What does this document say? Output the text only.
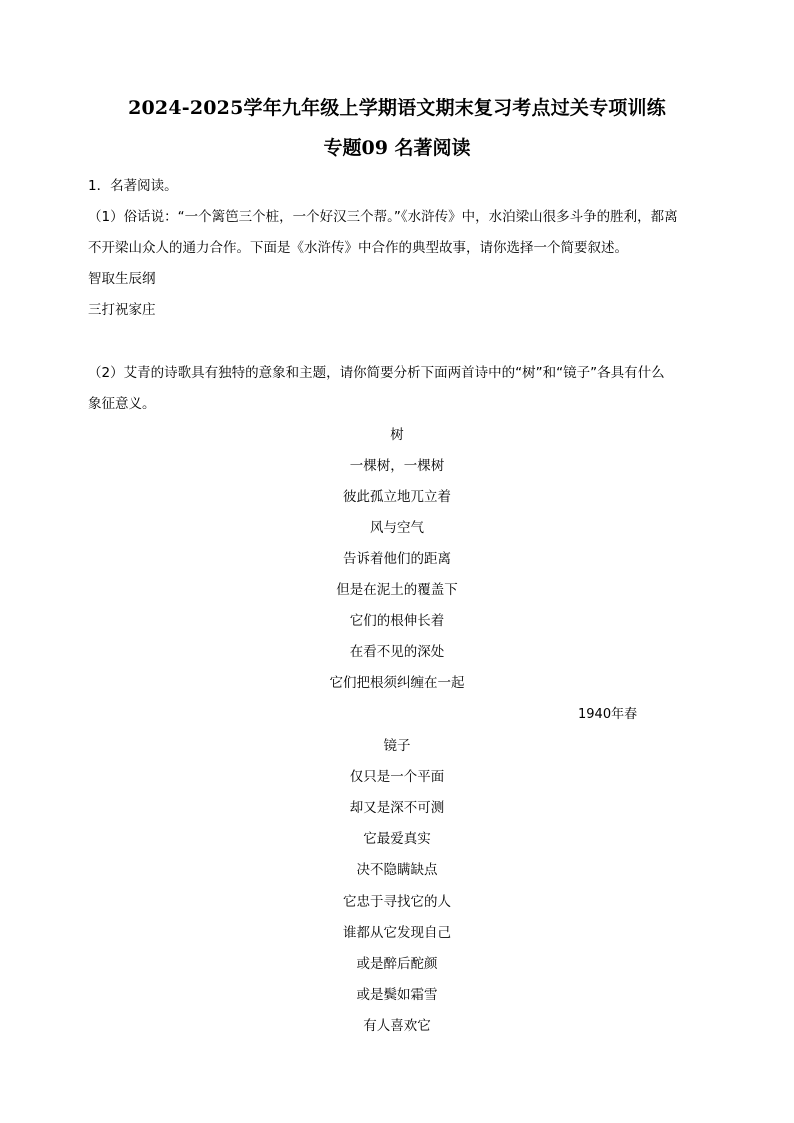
2024-2025学年九年级上学期语文期末复习考点过关专项训练
专题09 名著阅读
1．名著阅读。
（1）俗话说：“一个篱笆三个桩，一个好汉三个帮。”《水浒传》中，水泊梁山很多斗争的胜利，都离
不开梁山众人的通力合作。下面是《水浒传》中合作的典型故事，请你选择一个简要叙述。
智取生辰纲
三打祝家庄
（2）艾青的诗歌具有独特的意象和主题，请你简要分析下面两首诗中的“树”和“镜子”各具有什么
象征意义。
树
一棵树，一棵树
彼此孤立地兀立着
风与空气
告诉着他们的距离
但是在泥土的覆盖下
它们的根伸长着
在看不见的深处
它们把根须纠缠在一起
1940年春
镜子
仅只是一个平面
却又是深不可测
它最爱真实
决不隐瞒缺点
它忠于寻找它的人
谁都从它发现自己
或是醉后酡颜
或是鬓如霜雪
有人喜欢它
